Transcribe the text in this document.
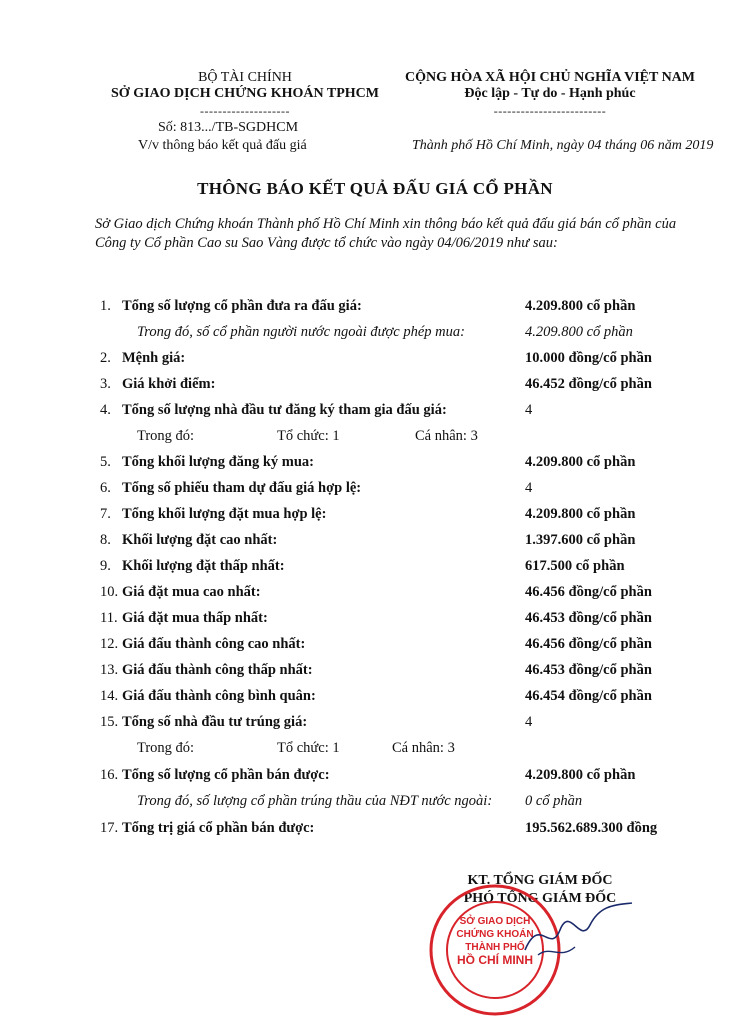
BỘ TÀI CHÍNH
SỞ GIAO DỊCH CHỨNG KHOÁN TPHCM
--------------------
Số: 813.../TB-SGDHCM
V/v thông báo kết quả đấu giá
CỘNG HÒA XÃ HỘI CHỦ NGHĨA VIỆT NAM
Độc lập - Tự do - Hạnh phúc
-------------------------
Thành phố Hồ Chí Minh, ngày 04 tháng 06 năm 2019
THÔNG BÁO KẾT QUẢ ĐẤU GIÁ CỔ PHẦN
Sở Giao dịch Chứng khoán Thành phố Hồ Chí Minh xin thông báo kết quả đấu giá bán cổ phần của
Công ty Cổ phần Cao su Sao Vàng được tổ chức vào ngày 04/06/2019 như sau:
1. Tổng số lượng cổ phần đưa ra đấu giá:	4.209.800 cổ phần
Trong đó, số cổ phần người nước ngoài được phép mua:	4.209.800 cổ phần
2. Mệnh giá:	10.000 đồng/cổ phần
3. Giá khởi điểm:	46.452 đồng/cổ phần
4. Tổng số lượng nhà đầu tư đăng ký tham gia đấu giá:	4
Trong đó:	Tổ chức: 1	Cá nhân: 3
5. Tổng khối lượng đăng ký mua:	4.209.800 cổ phần
6. Tổng số phiếu tham dự đấu giá hợp lệ:	4
7. Tổng khối lượng đặt mua hợp lệ:	4.209.800 cổ phần
8. Khối lượng đặt cao nhất:	1.397.600 cổ phần
9. Khối lượng đặt thấp nhất:	617.500 cổ phần
10. Giá đặt mua cao nhất:	46.456 đồng/cổ phần
11. Giá đặt mua thấp nhất:	46.453 đồng/cổ phần
12. Giá đấu thành công cao nhất:	46.456 đồng/cổ phần
13. Giá đấu thành công thấp nhất:	46.453 đồng/cổ phần
14. Giá đấu thành công bình quân:	46.454 đồng/cổ phần
15. Tổng số nhà đầu tư trúng giá:	4
Trong đó:	Tổ chức: 1	Cá nhân: 3
16. Tổng số lượng cổ phần bán được:	4.209.800 cổ phần
Trong đó, số lượng cổ phần trúng thầu của NĐT nước ngoài: 0 cổ phần
17. Tổng trị giá cổ phần bán được:	195.562.689.300 đồng
KT. TỔNG GIÁM ĐỐC
PHÓ TỔNG GIÁM ĐỐC
SỞ GIAO DỊCH
CHỨNG KHOÁN
THÀNH PHỐ
HỒ CHÍ MINH
